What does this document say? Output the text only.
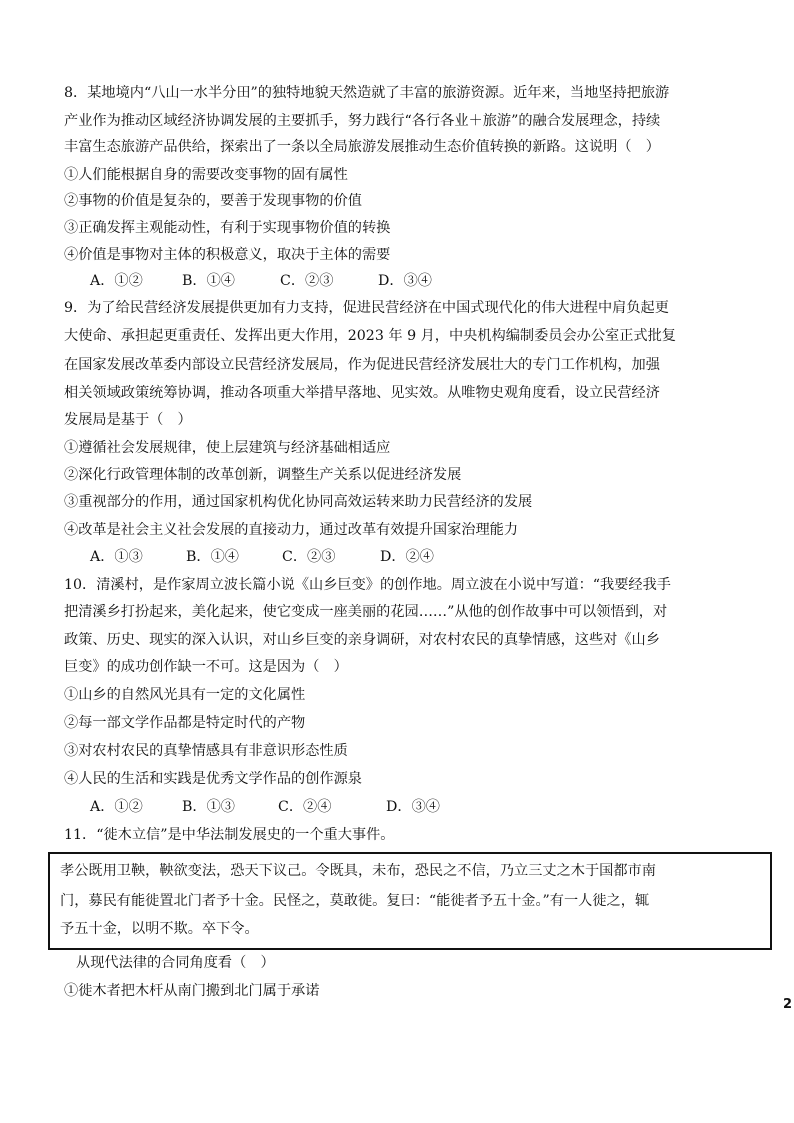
8．某地境内“八山一水半分田”的独特地貌天然造就了丰富的旅游资源。近年来，当地坚持把旅游
产业作为推动区域经济协调发展的主要抓手，努力践行“各行各业＋旅游”的融合发展理念，持续
丰富生态旅游产品供给，探索出了一条以全局旅游发展推动生态价值转换的新路。这说明（　）
①人们能根据自身的需要改变事物的固有属性
②事物的价值是复杂的，要善于发现事物的价值
③正确发挥主观能动性，有利于实现事物价值的转换
④价值是事物对主体的积极意义，取决于主体的需要
A．①②	B．①④	C．②③	D．③④
9．为了给民营经济发展提供更加有力支持，促进民营经济在中国式现代化的伟大进程中肩负起更
大使命、承担起更重责任、发挥出更大作用，2023 年 9 月，中央机构编制委员会办公室正式批复
在国家发展改革委内部设立民营经济发展局，作为促进民营经济发展壮大的专门工作机构，加强
相关领域政策统筹协调，推动各项重大举措早落地、见实效。从唯物史观角度看，设立民营经济
发展局是基于（　）
①遵循社会发展规律，使上层建筑与经济基础相适应
②深化行政管理体制的改革创新，调整生产关系以促进经济发展
③重视部分的作用，通过国家机构优化协同高效运转来助力民营经济的发展
④改革是社会主义社会发展的直接动力，通过改革有效提升国家治理能力
A．①③	B．①④	C．②③	D．②④
10．清溪村，是作家周立波长篇小说《山乡巨变》的创作地。周立波在小说中写道：“我要经我手
把清溪乡打扮起来，美化起来，使它变成一座美丽的花园……”从他的创作故事中可以领悟到，对
政策、历史、现实的深入认识，对山乡巨变的亲身调研，对农村农民的真挚情感，这些对《山乡
巨变》的成功创作缺一不可。这是因为（　）
①山乡的自然风光具有一定的文化属性
②每一部文学作品都是特定时代的产物
③对农村农民的真挚情感具有非意识形态性质
④人民的生活和实践是优秀文学作品的创作源泉
A．①②	B．①③	C．②④	D．③④
11．“徙木立信”是中华法制发展史的一个重大事件。
孝公既用卫鞅，鞅欲变法，恐天下议己。令既具，未布，恐民之不信，乃立三丈之木于国都市南
门，募民有能徙置北门者予十金。民怪之，莫敢徙。复曰：“能徙者予五十金。”有一人徙之，辄
予五十金，以明不欺。卒下令。
从现代法律的合同角度看（　）
①徙木者把木杆从南门搬到北门属于承诺
2
